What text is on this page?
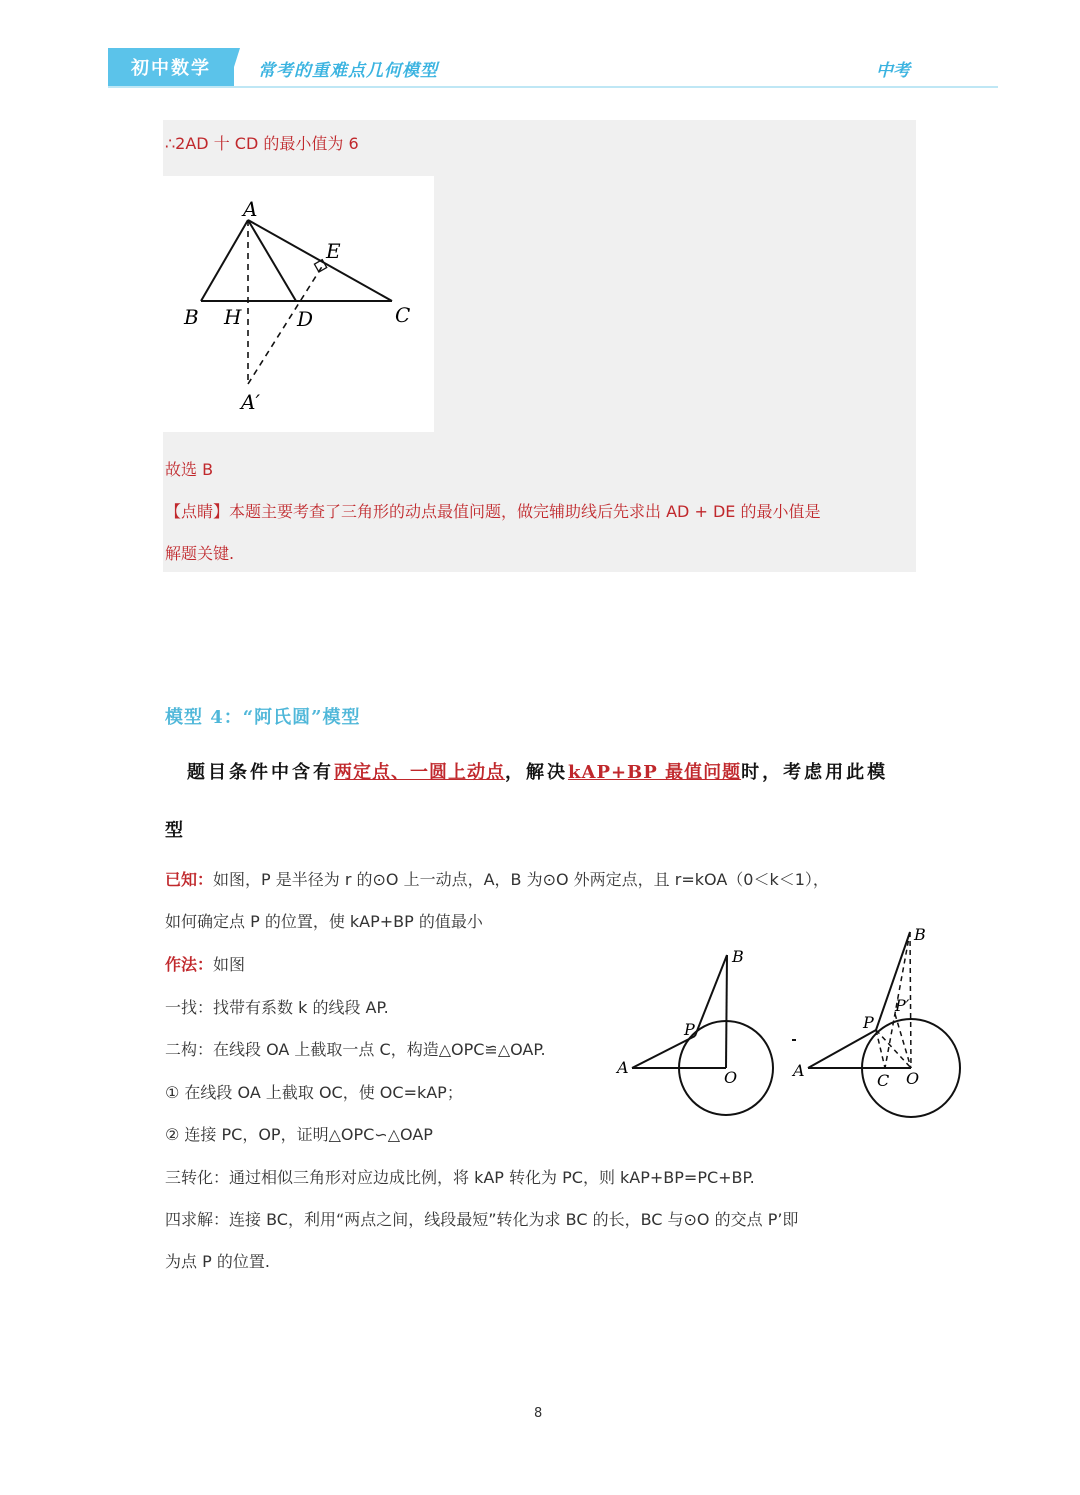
初中数学	常考的重难点几何模型	中考
∴2AD 十 CD 的最小值为 6
A
E
B H	D	C
A′
故选 B
【点睛】本题主要考查了三角形的动点最值问题，做完辅助线后先求出 AD + DE 的最小值是
解题关键.
模型 4：“阿氏圆”模型
题目条件中含有两定点、一圆上动点，解决kAP+BP 最值问题时，考虑用此模
型
已知：如图，P 是半径为 r 的⊙O 上一动点，A，B 为⊙O 外两定点，且 r=kOA（0＜k＜1），
如何确定点 P 的位置，使 kAP+BP 的值最小
作法：如图
一找：找带有系数 k 的线段 AP.
二构：在线段 OA 上截取一点 C，构造△OPC≌△OAP.
① 在线段 OA 上截取 OC，使 OC=kAP；
② 连接 PC，OP，证明△OPC∽△OAP
三转化：通过相似三角形对应边成比例，将 kAP 转化为 PC，则 kAP+BP=PC+BP.
四求解：连接 BC，利用“两点之间，线段最短”转化为求 BC 的长，BC 与⊙O 的交点 P’即
为点 P 的位置.
A
B
P
O	A
B
P
P′
C O
8
